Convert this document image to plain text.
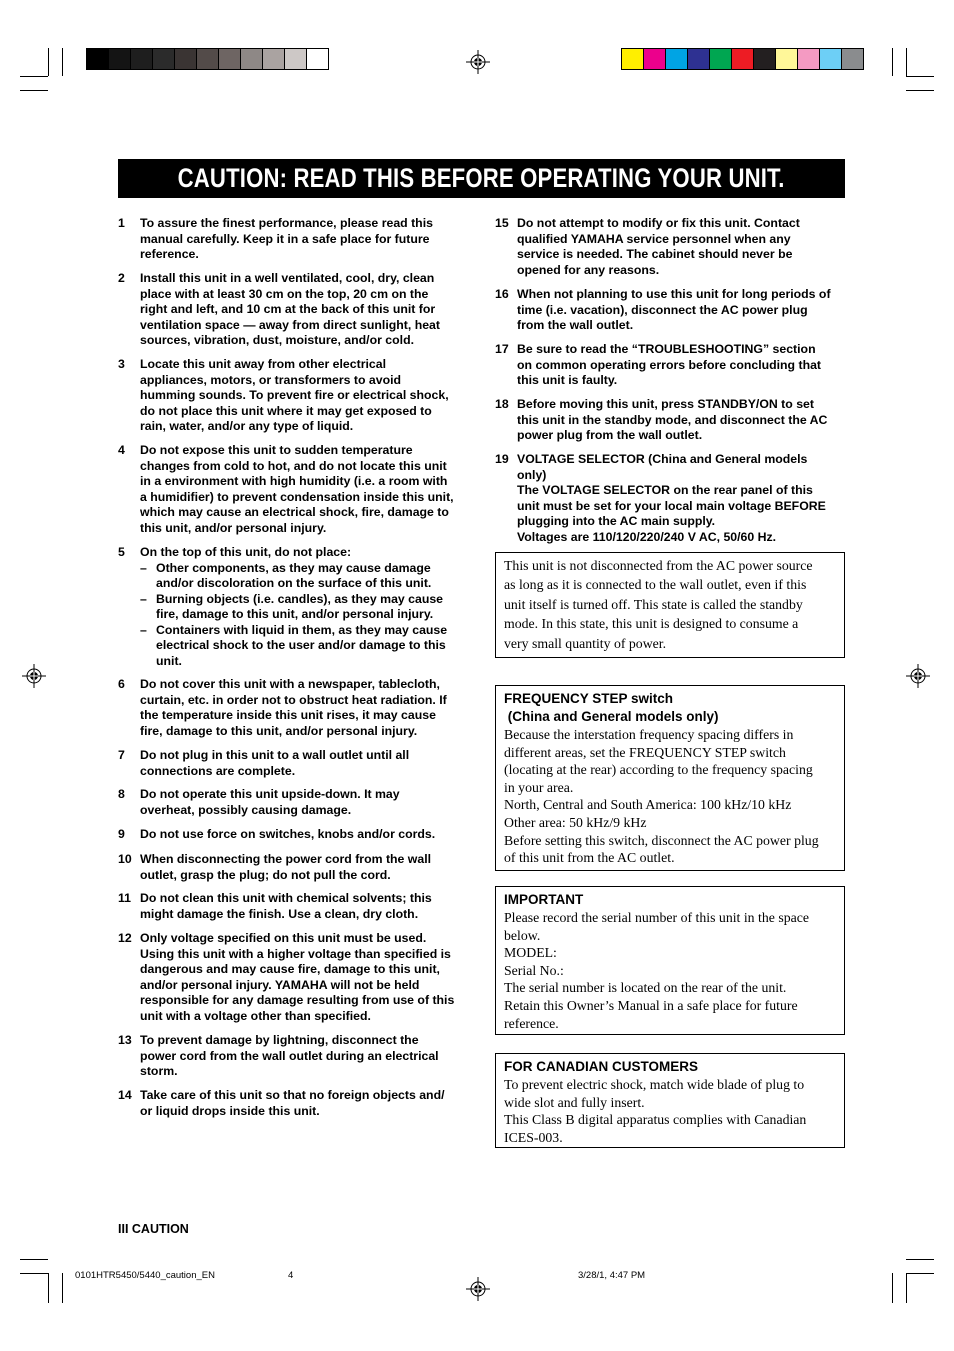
CAUTION: READ THIS BEFORE OPERATING YOUR UNIT.
1 To assure the finest performance, please read this
manual carefully. Keep it in a safe place for future
reference.
2 Install this unit in a well ventilated, cool, dry, clean
place with at least 30 cm on the top, 20 cm on the
right and left, and 10 cm at the back of this unit for
ventilation space — away from direct sunlight, heat
sources, vibration, dust, moisture, and/or cold.
3 Locate this unit away from other electrical
appliances, motors, or transformers to avoid
humming sounds. To prevent fire or electrical shock,
do not place this unit where it may get exposed to
rain, water, and/or any type of liquid.
4 Do not expose this unit to sudden temperature
changes from cold to hot, and do not locate this unit
in a environment with high humidity (i.e. a room with
a humidifier) to prevent condensation inside this unit,
which may cause an electrical shock, fire, damage to
this unit, and/or personal injury.
5 On the top of this unit, do not place:
– Other components, as they may cause damage
and/or discoloration on the surface of this unit.
– Burning objects (i.e. candles), as they may cause
fire, damage to this unit, and/or personal injury.
– Containers with liquid in them, as they may cause
electrical shock to the user and/or damage to this
unit.
6 Do not cover this unit with a newspaper, tablecloth,
curtain, etc. in order not to obstruct heat radiation. If
the temperature inside this unit rises, it may cause
fire, damage to this unit, and/or personal injury.
7 Do not plug in this unit to a wall outlet until all
connections are complete.
8 Do not operate this unit upside-down. It may
overheat, possibly causing damage.
9 Do not use force on switches, knobs and/or cords.
10 When disconnecting the power cord from the wall
outlet, grasp the plug; do not pull the cord.
11 Do not clean this unit with chemical solvents; this
might damage the finish. Use a clean, dry cloth.
12 Only voltage specified on this unit must be used.
Using this unit with a higher voltage than specified is
dangerous and may cause fire, damage to this unit,
and/or personal injury. YAMAHA will not be held
responsible for any damage resulting from use of this
unit with a voltage other than specified.
13 To prevent damage by lightning, disconnect the
power cord from the wall outlet during an electrical
storm.
14 Take care of this unit so that no foreign objects and/
or liquid drops inside this unit.
15 Do not attempt to modify or fix this unit. Contact
qualified YAMAHA service personnel when any
service is needed. The cabinet should never be
opened for any reasons.
16 When not planning to use this unit for long periods of
time (i.e. vacation), disconnect the AC power plug
from the wall outlet.
17 Be sure to read the “TROUBLESHOOTING” section
on common operating errors before concluding that
this unit is faulty.
18 Before moving this unit, press STANDBY/ON to set
this unit in the standby mode, and disconnect the AC
power plug from the wall outlet.
19 VOLTAGE SELECTOR (China and General models
only)
The VOLTAGE SELECTOR on the rear panel of this
unit must be set for your local main voltage BEFORE
plugging into the AC main supply.
Voltages are 110/120/220/240 V AC, 50/60 Hz.
This unit is not disconnected from the AC power source
as long as it is connected to the wall outlet, even if this
unit itself is turned off. This state is called the standby
mode. In this state, this unit is designed to consume a
very small quantity of power.
FREQUENCY STEP switch
(China and General models only)
Because the interstation frequency spacing differs in
different areas, set the FREQUENCY STEP switch
(locating at the rear) according to the frequency spacing
in your area.
North, Central and South America: 100 kHz/10 kHz
Other area: 50 kHz/9 kHz
Before setting this switch, disconnect the AC power plug
of this unit from the AC outlet.
IMPORTANT
Please record the serial number of this unit in the space
below.
MODEL:
Serial No.:
The serial number is located on the rear of the unit.
Retain this Owner’s Manual in a safe place for future
reference.
FOR CANADIAN CUSTOMERS
To prevent electric shock, match wide blade of plug to
wide slot and fully insert.
This Class B digital apparatus complies with Canadian
ICES-003.
III CAUTION
0101HTR5450/5440_caution_EN	4	3/28/1, 4:47 PM
